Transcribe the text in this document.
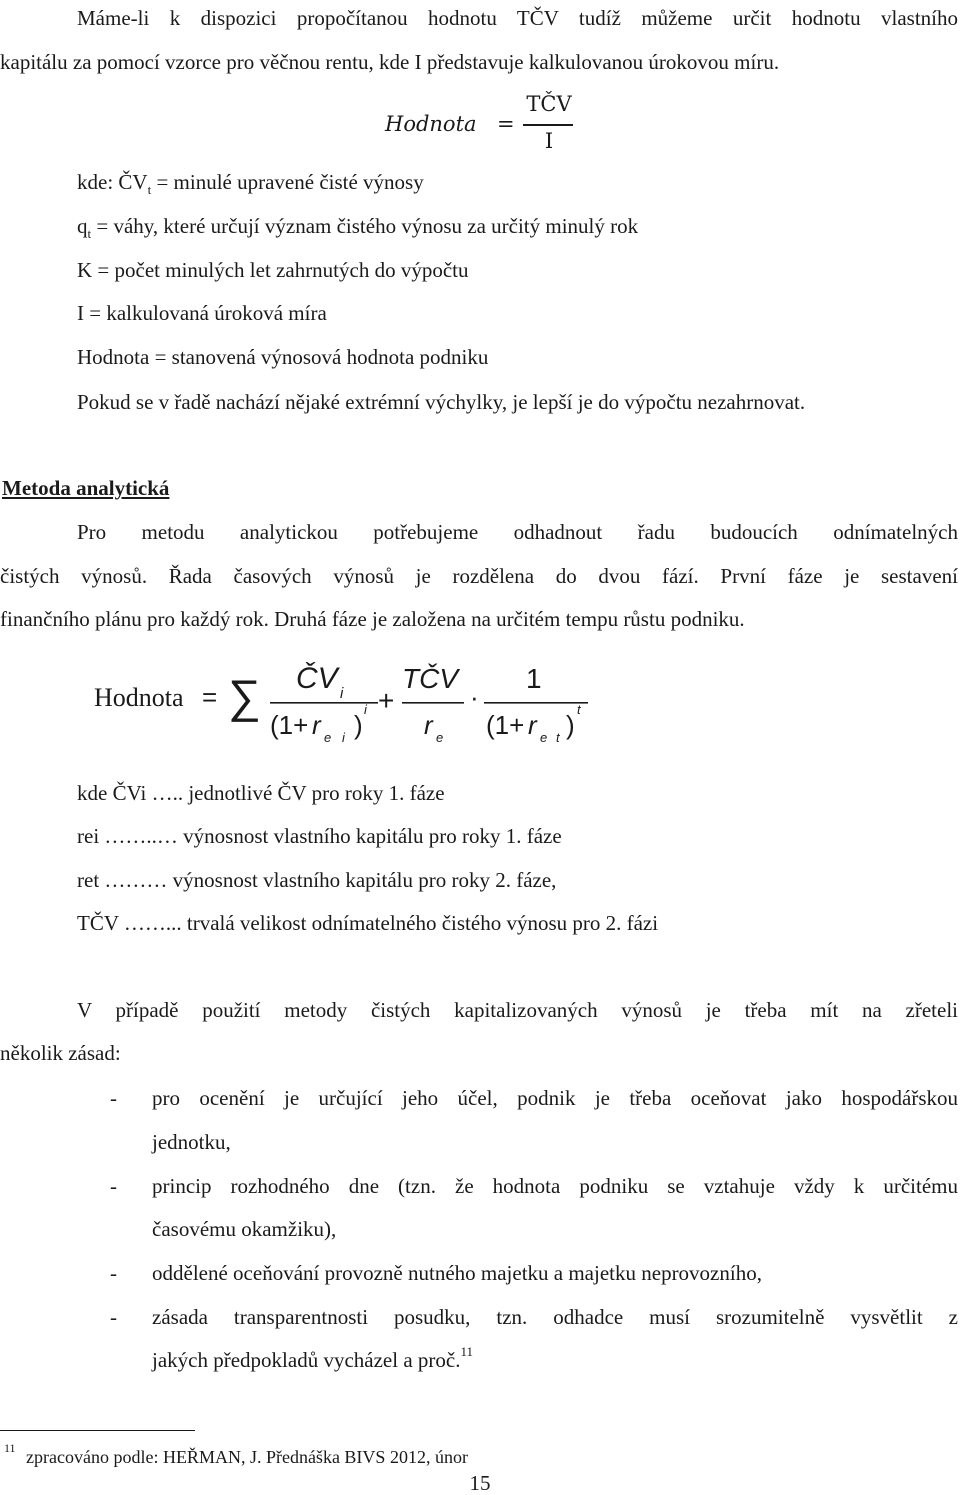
Máme-li k dispozici propočítanou hodnotu TČV tudíž můžeme určit hodnotu vlastního
kapitálu za pomocí vzorce pro věčnou rentu, kde I představuje kalkulovanou úrokovou míru.
Hodnota =
TČV
I
kde: $ČV_t$ = minulé upravené čisté výnosy
$q_t$ = váhy, které určují význam čistého výnosu za určitý minulý rok
K = počet minulých let zahrnutých do výpočtu
I = kalkulovaná úroková míra
Hodnota = stanovená výnosová hodnota podniku
Pokud se v řadě nachází nějaké extrémní výchylky, je lepší je do výpočtu nezahrnovat.
Metoda analytická
Pro metodu analytickou potřebujeme odhadnout řadu budoucích odnímatelných
čistých výnosů. Řada časových výnosů je rozdělena do dvou fází. První fáze je sestavení
finančního plánu pro každý rok. Druhá fáze je založena na určitém tempu růstu podniku.
Hodnota = ∑ ČV i
(1+ r e i )
i +
TČV
r e
·
1
(1+ r e t )
t
kde ČVi ….. jednotlivé ČV pro roky 1. fáze
rei ……..… výnosnost vlastního kapitálu pro roky 1. fáze
ret ……… výnosnost vlastního kapitálu pro roky 2. fáze,
TČV ……... trvalá velikost odnímatelného čistého výnosu pro 2. fázi
V případě použití metody čistých kapitalizovaných výnosů je třeba mít na zřeteli
několik zásad:
- pro ocenění je určující jeho účel, podnik je třeba oceňovat jako hospodářskou
jednotku,
- princip rozhodného dne (tzn. že hodnota podniku se vztahuje vždy k určitému
časovému okamžiku),
- oddělené oceňování provozně nutného majetku a majetku neprovozního,
- zásada transparentnosti posudku, tzn. odhadce musí srozumitelně vysvětlit z
jakých předpokladů vycházel a proč.$^{11}$
11 zpracováno podle: HEŘMAN, J. Přednáška BIVS 2012, únor
15
